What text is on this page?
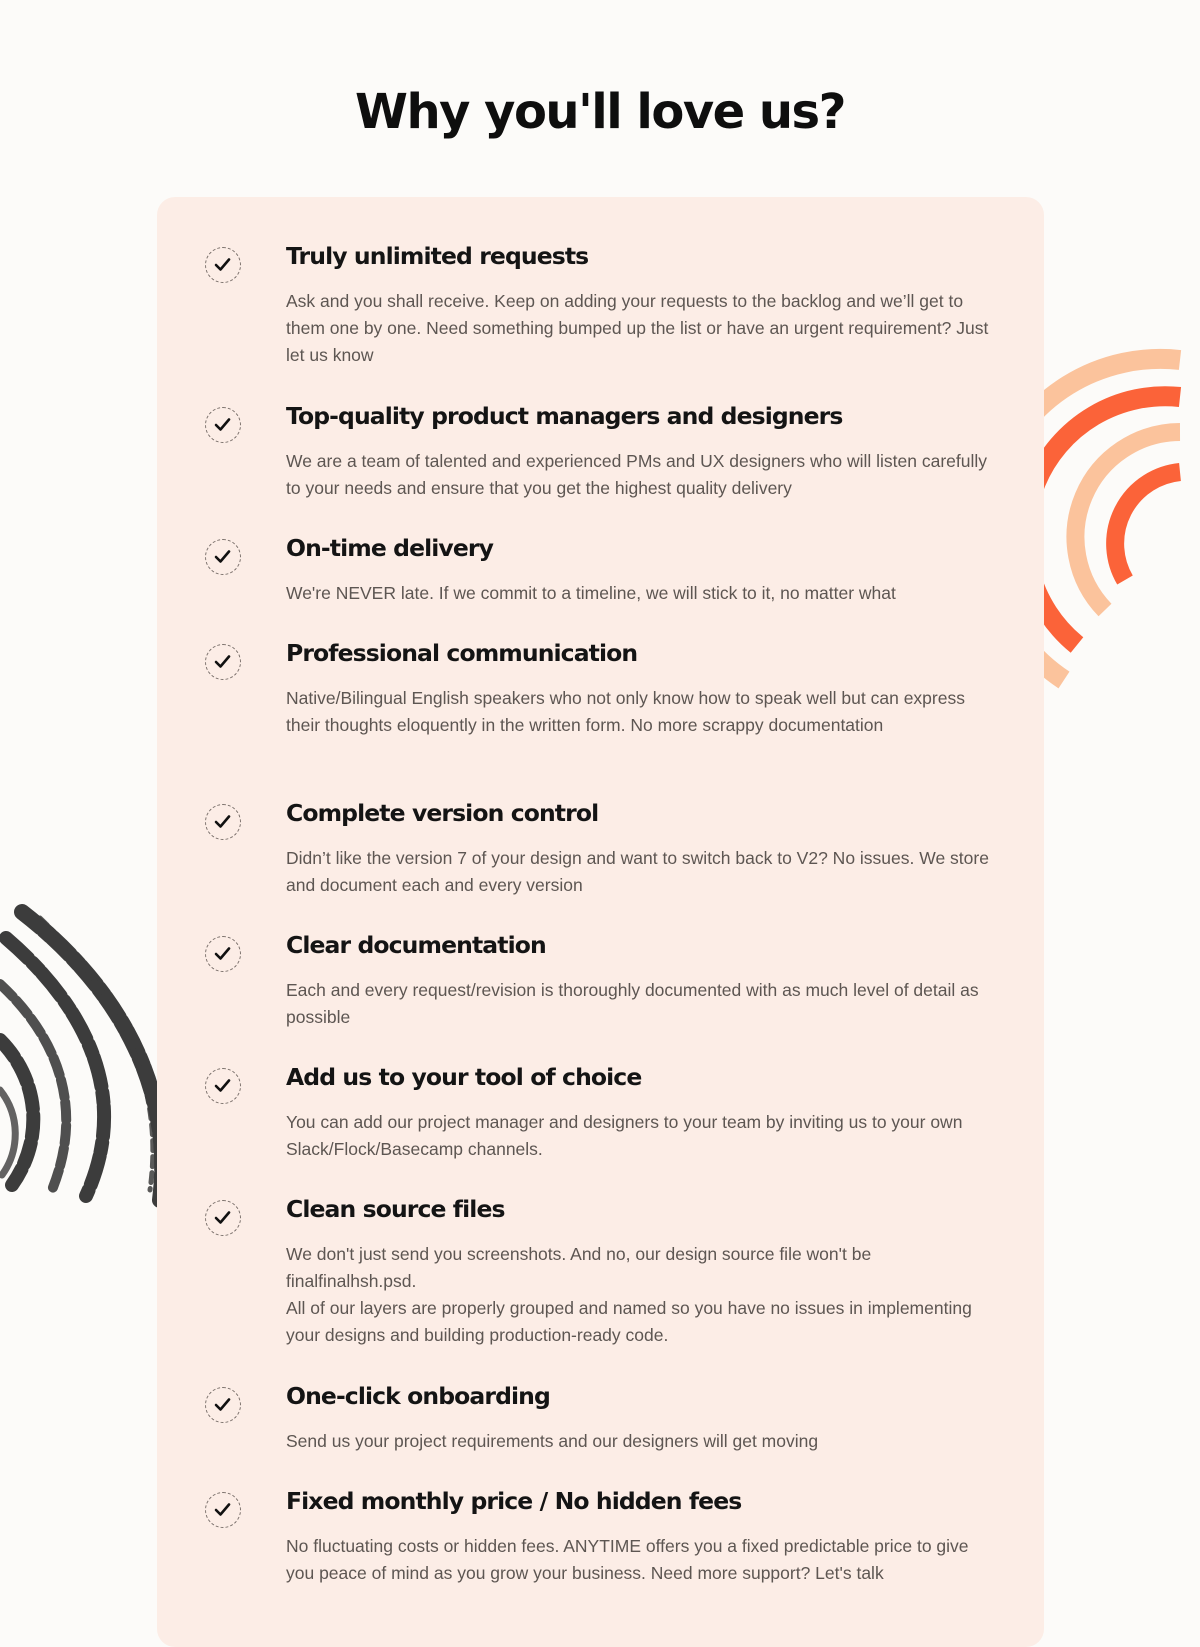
Why you'll love us?
Truly unlimited requests

Ask and you shall receive. Keep on adding your requests to the backlog and we’ll get to them one by one. Need something bumped up the list or have an urgent requirement? Just let us know

Top-quality product managers and designers

We are a team of talented and experienced PMs and UX designers who will listen carefully to your needs and ensure that you get the highest quality delivery

On-time delivery

We're NEVER late. If we commit to a timeline, we will stick to it, no matter what

Professional communication

Native/Bilingual English speakers who not only know how to speak well but can express their thoughts eloquently in the written form. No more scrappy documentation

Complete version control

Didn’t like the version 7 of your design and want to switch back to V2? No issues. We store and document each and every version

Clear documentation

Each and every request/revision is thoroughly documented with as much level of detail as possible

Add us to your tool of choice

You can add our project manager and designers to your team by inviting us to your own Slack/Flock/Basecamp channels.

Clean source files

We don't just send you screenshots. And no, our design source file won't be finalfinalhsh.psd.
All of our layers are properly grouped and named so you have no issues in implementing your designs and building production-ready code.

One-click onboarding

Send us your project requirements and our designers will get moving

Fixed monthly price / No hidden fees

No fluctuating costs or hidden fees. ANYTIME offers you a fixed predictable price to give you peace of mind as you grow your business. Need more support? Let's talk
